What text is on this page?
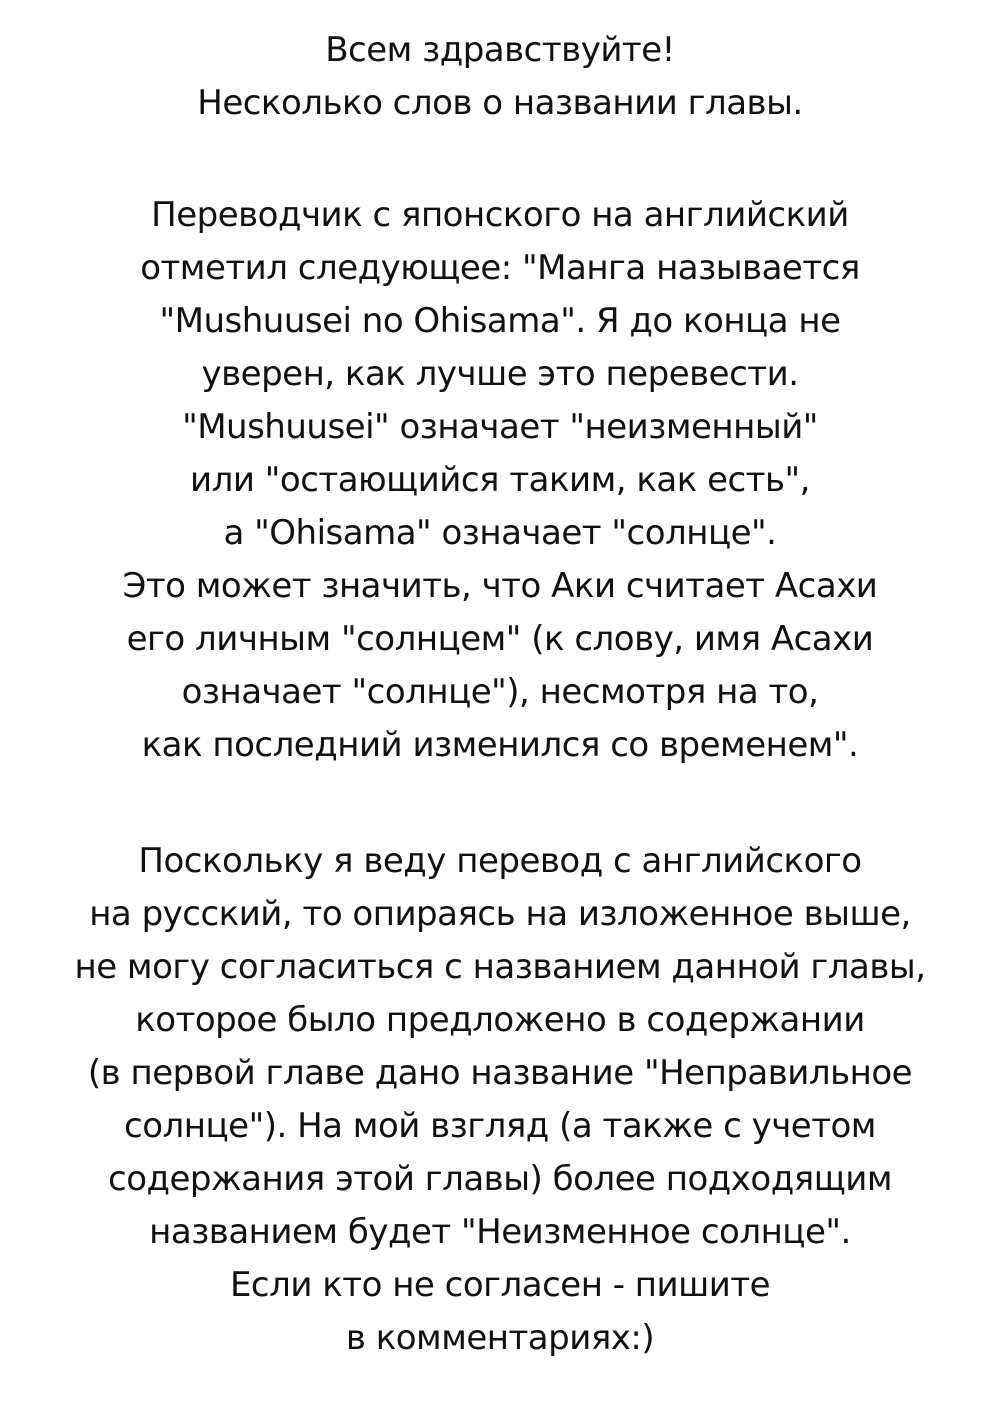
Всем здравствуйте!
Несколько слов о названии главы.
Переводчик с японского на английский
отметил следующее: "Манга называется
"Mushuusei no Ohisama". Я до конца не
уверен, как лучше это перевести.
"Mushuusei" означает "неизменный"
или "остающийся таким, как есть",
а "Ohisama" означает "солнце".
Это может значить, что Аки считает Асахи
его личным "солнцем" (к слову, имя Асахи
означает "солнце"), несмотря на то,
как последний изменился со временем".
Поскольку я веду перевод с английского
на русский, то опираясь на изложенное выше,
не могу согласиться с названием данной главы,
которое было предложено в содержании
(в первой главе дано название "Неправильное
солнце"). На мой взгляд (а также с учетом
содержания этой главы) более подходящим
названием будет "Неизменное солнце".
Если кто не согласен - пишите
в комментариях:)
